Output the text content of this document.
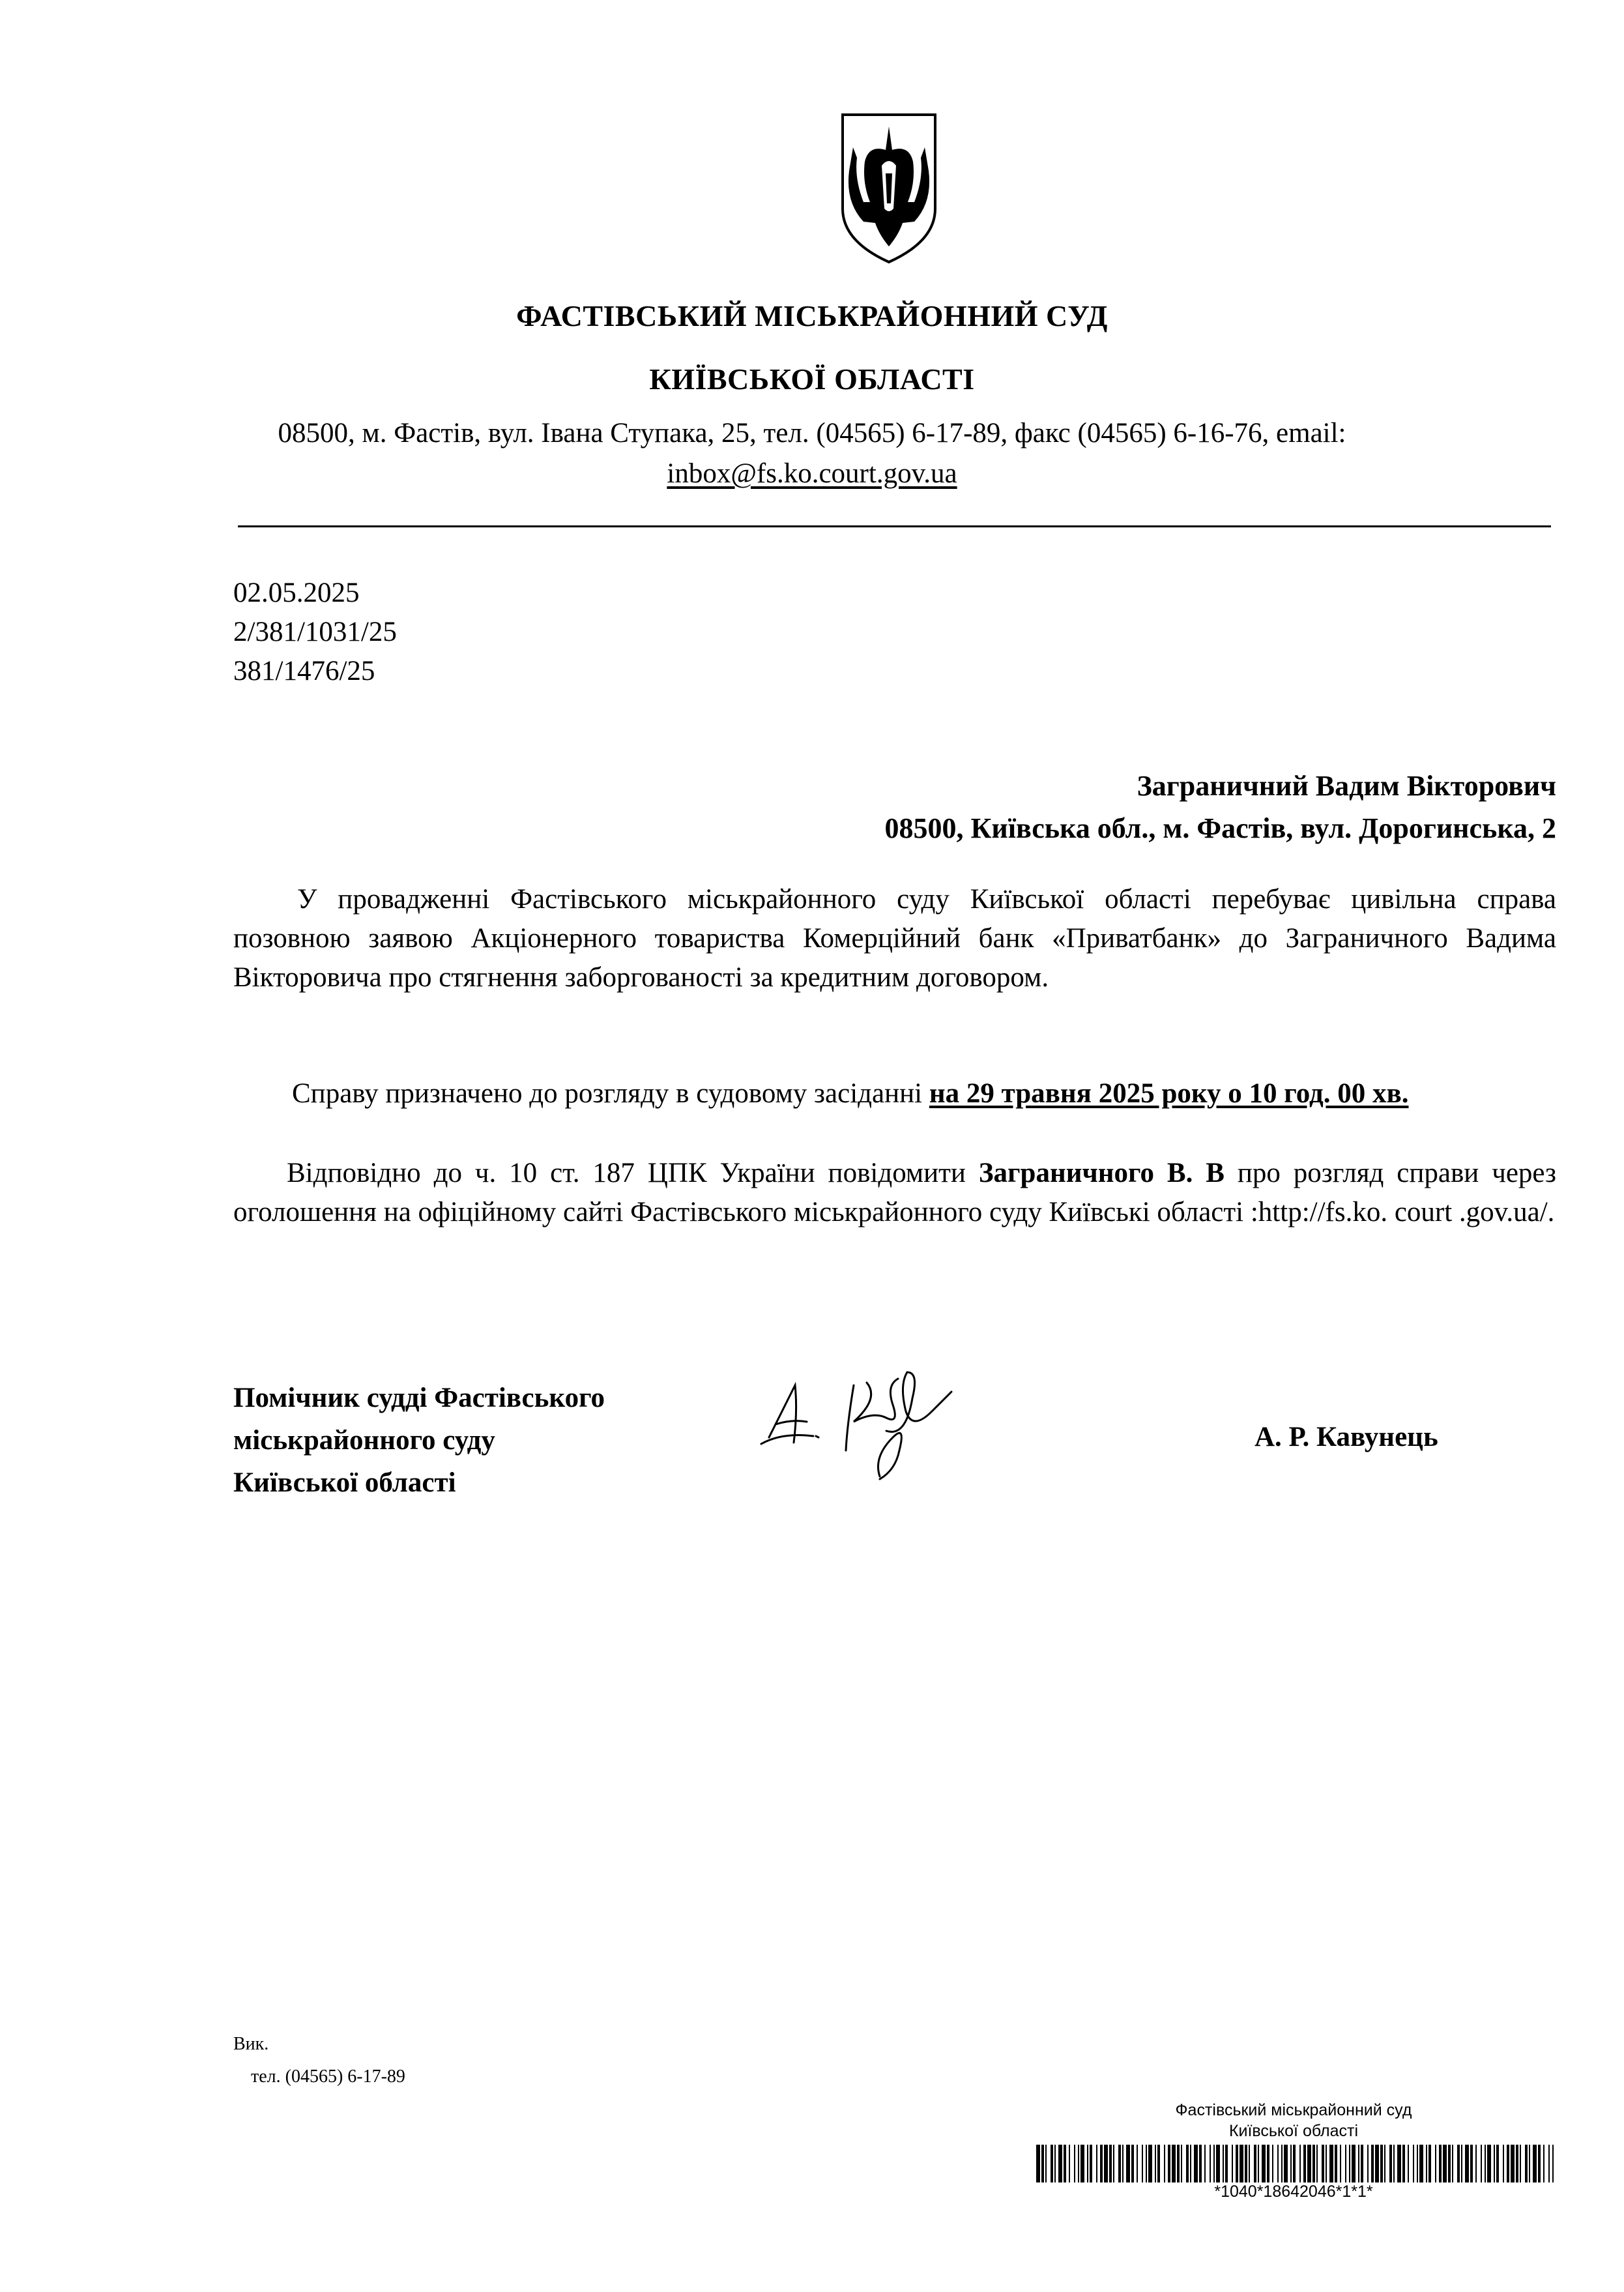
ФАСТІВСЬКИЙ МІСЬКРАЙОННИЙ СУД
КИЇВСЬКОЇ ОБЛАСТІ
08500, м. Фастів, вул. Івана Ступака, 25, тел. (04565) 6-17-89, факс (04565) 6-16-76, email:
inbox@fs.ko.court.gov.ua
02.05.2025
2/381/1031/25
381/1476/25
Заграничний Вадим Вікторович
08500, Київська обл., м. Фастів, вул. Дорогинська, 2

У провадженні Фастівського міськрайонного суду Київської області перебуває цивільна справа позовною заявою Акціонерного товариства Комерційний банк «Приватбанк» до Заграничного Вадима Вікторовича про стягнення заборгованості за кредитним договором.

Справу призначено до розгляду в судовому засіданні на 29 травня 2025 року о 10 год. 00 хв.

Відповідно до ч. 10 ст. 187 ЦПК України повідомити Заграничного В. В про розгляд справи через оголошення на офіційному сайті Фастівського міськрайонного суду Київські області :http://fs.ko. court .gov.ua/.

Помічник судді Фастівського
міськрайонного суду
Київської області
А. Р. Кавунець
Вик.
тел. (04565) 6-17-89
Фастівський міськрайонний суд
Київської області
*1040*18642046*1*1*
